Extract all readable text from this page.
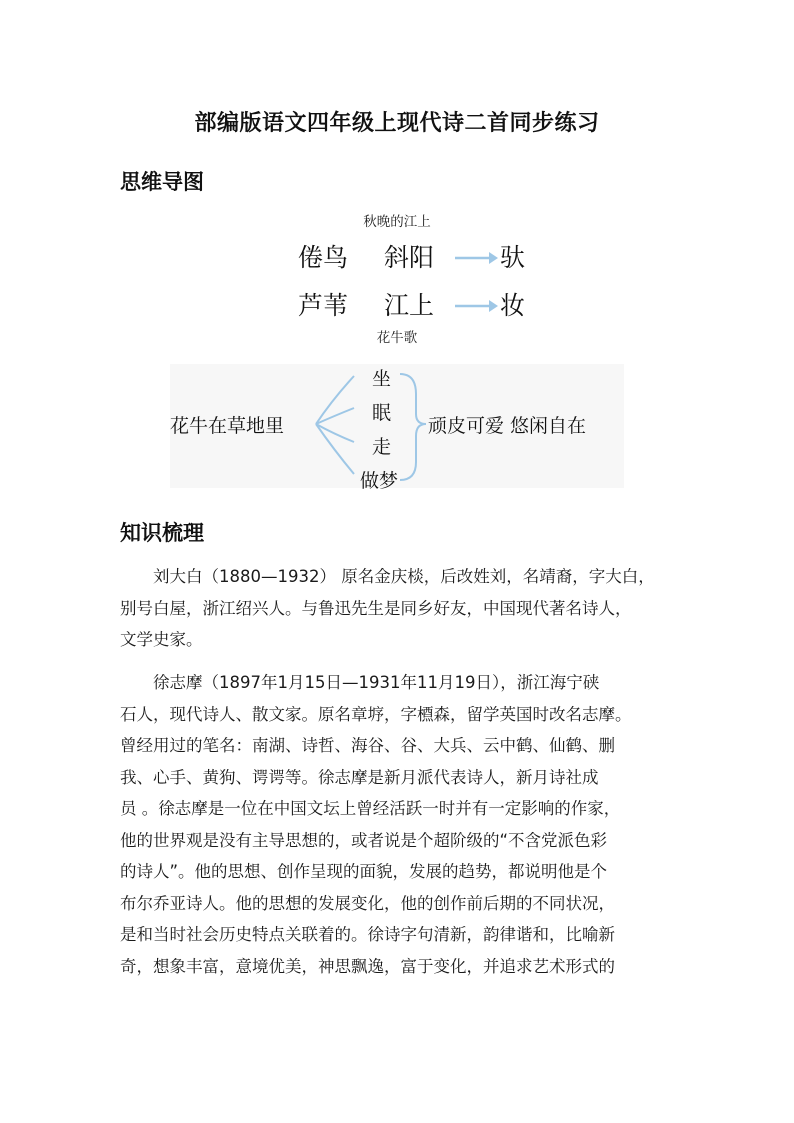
部编版语文四年级上现代诗二首同步练习
思维导图
秋晚的江上
倦鸟 斜阳	驮
芦苇 江上	妆
花牛歌
花牛在草地里
坐
眠
走
做梦
顽皮可爱 悠闲自在
知识梳理
刘大白（1880—1932） 原名金庆棪，后改姓刘，名靖裔，字大白，
别号白屋，浙江绍兴人。与鲁迅先生是同乡好友，中国现代著名诗人，
文学史家。
徐志摩（1897年1月15日—1931年11月19日），浙江海宁硖
石人，现代诗人、散文家。原名章垿，字槱森，留学英国时改名志摩。
曾经用过的笔名：南湖、诗哲、海谷、谷、大兵、云中鹤、仙鹤、删
我、心手、黄狗、谔谔等。徐志摩是新月派代表诗人，新月诗社成
员 。徐志摩是一位在中国文坛上曾经活跃一时并有一定影响的作家，
他的世界观是没有主导思想的，或者说是个超阶级的“不含党派色彩
的诗人”。他的思想、创作呈现的面貌，发展的趋势，都说明他是个
布尔乔亚诗人。他的思想的发展变化，他的创作前后期的不同状况，
是和当时社会历史特点关联着的。徐诗字句清新，韵律谐和，比喻新
奇，想象丰富，意境优美，神思飘逸，富于变化，并追求艺术形式的
